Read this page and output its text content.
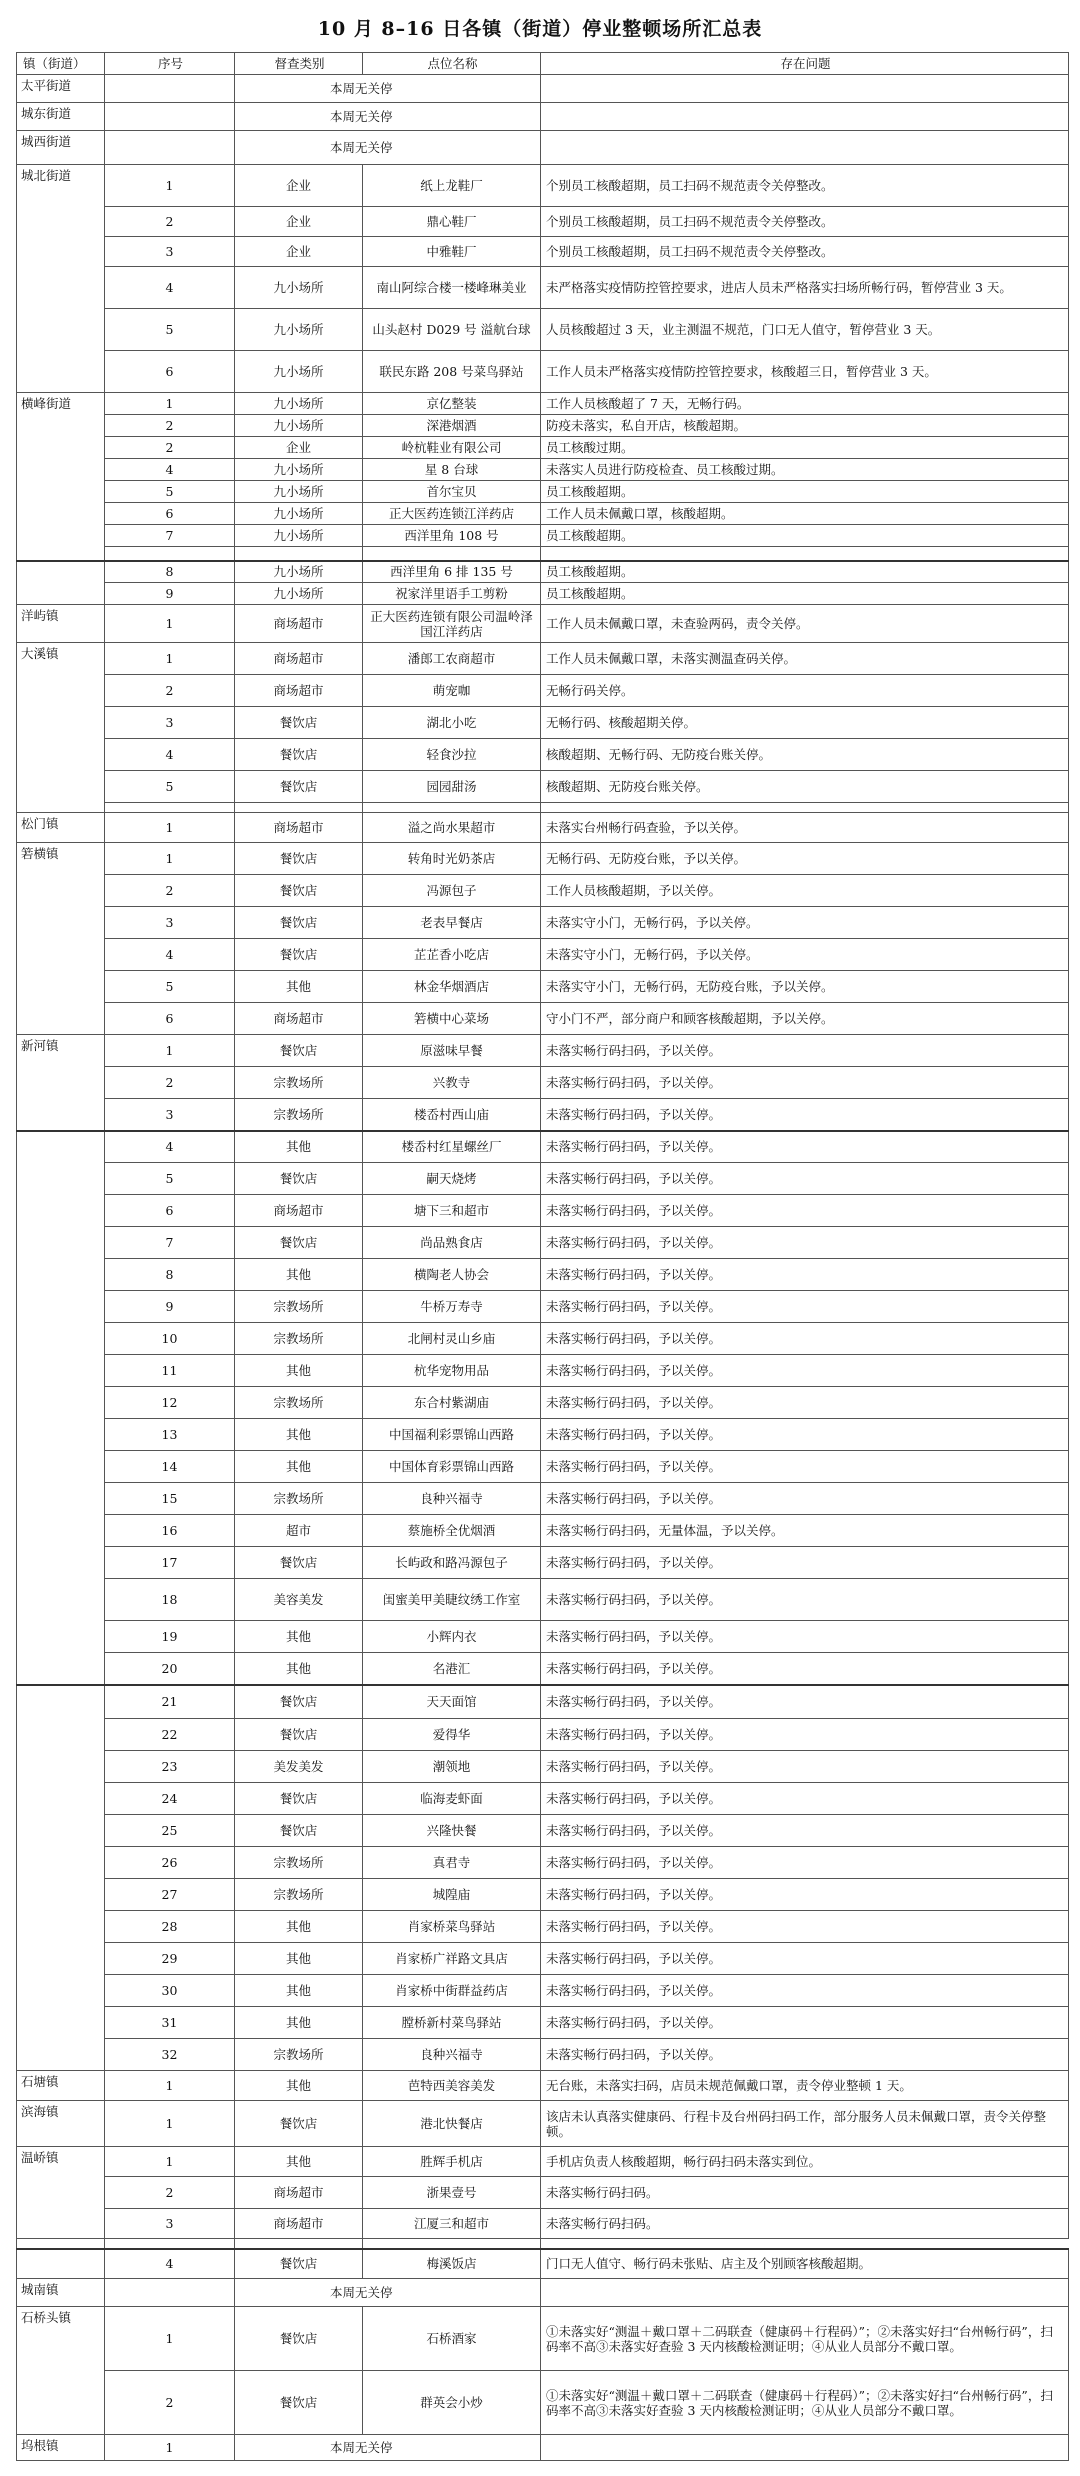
10 月 8–16 日各镇（街道）停业整顿场所汇总表
镇（街道）	序号	督查类别	点位名称	存在问题
太平街道		本周无关停		
城东街道		本周无关停		
城西街道		本周无关停		
城北街道	1	企业	纸上龙鞋厂	个别员工核酸超期，员工扫码不规范责令关停整改。
	2	企业	鼎心鞋厂	个别员工核酸超期，员工扫码不规范责令关停整改。
	3	企业	中雅鞋厂	个别员工核酸超期，员工扫码不规范责令关停整改。
	4	九小场所	南山阿综合楼一楼峰琳美业	未严格落实疫情防控管控要求，进店人员未严格落实扫场所畅行码，暂停营业 3 天。
	5	九小场所	山头赵村 D029 号 溢航台球	人员核酸超过 3 天，业主测温不规范，门口无人值守，暂停营业 3 天。
	6	九小场所	联民东路 208 号菜鸟驿站	工作人员未严格落实疫情防控管控要求，核酸超三日，暂停营业 3 天。
横峰街道	1	九小场所	京亿整装	工作人员核酸超了 7 天，无畅行码。
	2	九小场所	深港烟酒	防疫未落实，私自开店，核酸超期。
	2	企业	岭杭鞋业有限公司	员工核酸过期。
	4	九小场所	星 8 台球	未落实人员进行防疫检查、员工核酸过期。
	5	九小场所	首尔宝贝	员工核酸超期。
	6	九小场所	正大医药连锁江洋药店	工作人员未佩戴口罩，核酸超期。
	7	九小场所	西洋里角 108 号	员工核酸超期。

	8	九小场所	西洋里角 6 排 135 号	员工核酸超期。
	9	九小场所	祝家洋里语手工剪粉	员工核酸超期。
洋屿镇	1	商场超市	正大医药连锁有限公司温岭泽国江洋药店	工作人员未佩戴口罩，未查验两码，责令关停。
大溪镇	1	商场超市	潘郎工农商超市	工作人员未佩戴口罩，未落实测温查码关停。
	2	商场超市	萌宠咖	无畅行码关停。
	3	餐饮店	湖北小吃	无畅行码、核酸超期关停。
	4	餐饮店	轻食沙拉	核酸超期、无畅行码、无防疫台账关停。
	5	餐饮店	园园甜汤	核酸超期、无防疫台账关停。

松门镇	1	商场超市	溢之尚水果超市	未落实台州畅行码查验，予以关停。
箬横镇	1	餐饮店	转角时光奶茶店	无畅行码、无防疫台账，予以关停。
	2	餐饮店	冯源包子	工作人员核酸超期，予以关停。
	3	餐饮店	老表早餐店	未落实守小门，无畅行码，予以关停。
	4	餐饮店	芷芷香小吃店	未落实守小门，无畅行码，予以关停。
	5	其他	林金华烟酒店	未落实守小门，无畅行码，无防疫台账，予以关停。
	6	商场超市	箬横中心菜场	守小门不严，部分商户和顾客核酸超期，予以关停。
新河镇	1	餐饮店	原滋味早餐	未落实畅行码扫码，予以关停。
	2	宗教场所	兴教寺	未落实畅行码扫码，予以关停。
	3	宗教场所	楼岙村西山庙	未落实畅行码扫码，予以关停。
	4	其他	楼岙村红星螺丝厂	未落实畅行码扫码，予以关停。
	5	餐饮店	嗣天烧烤	未落实畅行码扫码，予以关停。
	6	商场超市	塘下三和超市	未落实畅行码扫码，予以关停。
	7	餐饮店	尚品熟食店	未落实畅行码扫码，予以关停。
	8	其他	横陶老人协会	未落实畅行码扫码，予以关停。
	9	宗教场所	牛桥万寿寺	未落实畅行码扫码，予以关停。
	10	宗教场所	北闸村灵山乡庙	未落实畅行码扫码，予以关停。
	11	其他	杭华宠物用品	未落实畅行码扫码，予以关停。
	12	宗教场所	东合村紫湖庙	未落实畅行码扫码，予以关停。
	13	其他	中国福利彩票锦山西路	未落实畅行码扫码，予以关停。
	14	其他	中国体育彩票锦山西路	未落实畅行码扫码，予以关停。
	15	宗教场所	良种兴福寺	未落实畅行码扫码，予以关停。
	16	超市	蔡施桥全优烟酒	未落实畅行码扫码，无量体温，予以关停。
	17	餐饮店	长屿政和路冯源包子	未落实畅行码扫码，予以关停。
	18	美容美发	闺蜜美甲美睫纹绣工作室	未落实畅行码扫码，予以关停。
	19	其他	小辉内衣	未落实畅行码扫码，予以关停。
	20	其他	名港汇	未落实畅行码扫码，予以关停。
	21	餐饮店	天天面馆	未落实畅行码扫码，予以关停。
	22	餐饮店	爱得华	未落实畅行码扫码，予以关停。
	23	美发美发	潮领地	未落实畅行码扫码，予以关停。
	24	餐饮店	临海麦虾面	未落实畅行码扫码，予以关停。
	25	餐饮店	兴隆快餐	未落实畅行码扫码，予以关停。
	26	宗教场所	真君寺	未落实畅行码扫码，予以关停。
	27	宗教场所	城隍庙	未落实畅行码扫码，予以关停。
	28	其他	肖家桥菜鸟驿站	未落实畅行码扫码，予以关停。
	29	其他	肖家桥广祥路文具店	未落实畅行码扫码，予以关停。
	30	其他	肖家桥中街群益药店	未落实畅行码扫码，予以关停。
	31	其他	膛桥新村菜鸟驿站	未落实畅行码扫码，予以关停。
	32	宗教场所	良种兴福寺	未落实畅行码扫码，予以关停。
石塘镇	1	其他	芭特西美容美发	无台账，未落实扫码，店员未规范佩戴口罩，责令停业整顿 1 天。
滨海镇	1	餐饮店	港北快餐店	该店未认真落实健康码、行程卡及台州码扫码工作，部分服务人员未佩戴口罩，责令关停整顿。
温峤镇	1	其他	胜辉手机店	手机店负责人核酸超期，畅行码扫码未落实到位。
	2	商场超市	浙果壹号	未落实畅行码扫码。
	3	商场超市	江厦三和超市	未落实畅行码扫码。

	4	餐饮店	梅溪饭店	门口无人值守、畅行码未张贴、店主及个别顾客核酸超期。
城南镇		本周无关停		
石桥头镇	1	餐饮店	石桥酒家	①未落实好“测温＋戴口罩＋二码联查（健康码＋行程码）”；②未落实好扫“台州畅行码”，扫码率不高③未落实好查验 3 天内核酸检测证明；④从业人员部分不戴口罩。
	2	餐饮店	群英会小炒	①未落实好“测温＋戴口罩＋二码联查（健康码＋行程码）”；②未落实好扫“台州畅行码”，扫码率不高③未落实好查验 3 天内核酸检测证明；④从业人员部分不戴口罩。
坞根镇	1	本周无关停		
